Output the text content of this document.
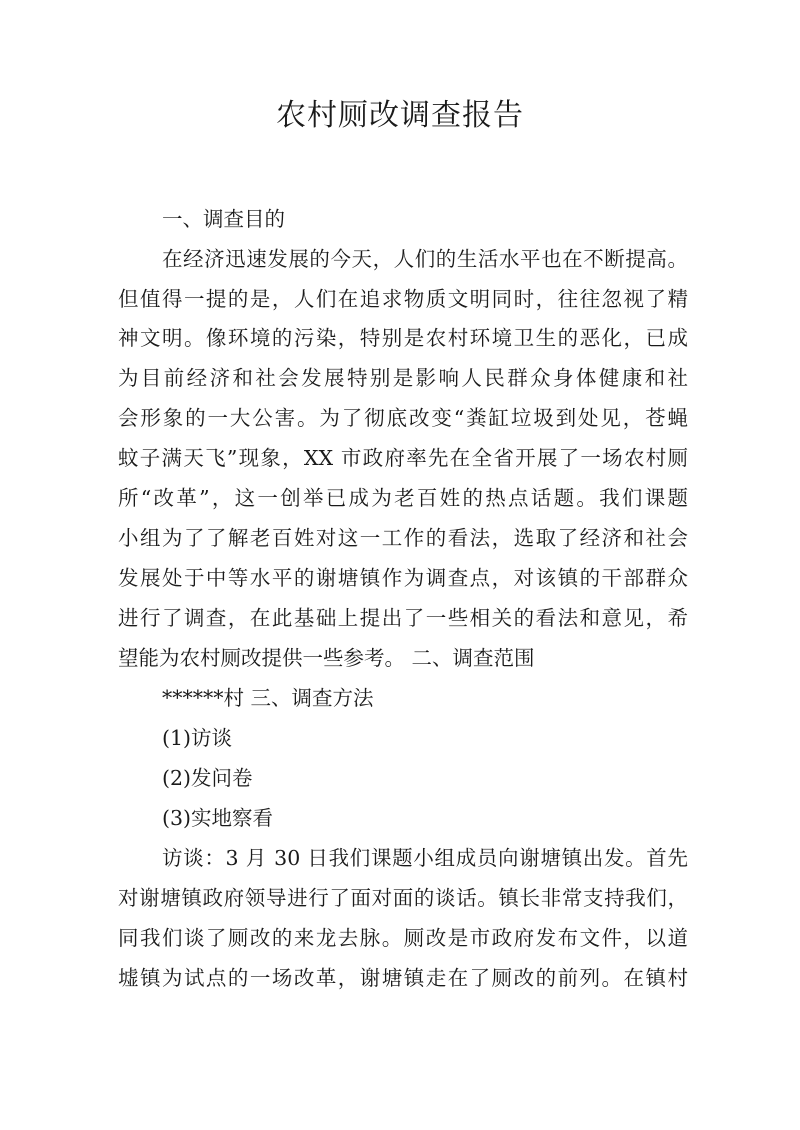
农村厕改调查报告
一、调查目的
在经济迅速发展的今天，人们的生活水平也在不断提高。
但值得一提的是，人们在追求物质文明同时，往往忽视了精
神文明。像环境的污染，特别是农村环境卫生的恶化，已成
为目前经济和社会发展特别是影响人民群众身体健康和社
会形象的一大公害。为了彻底改变“粪缸垃圾到处见，苍蝇
蚊子满天飞”现象，XX 市政府率先在全省开展了一场农村厕
所“改革”，这一创举已成为老百姓的热点话题。我们课题
小组为了了解老百姓对这一工作的看法，选取了经济和社会
发展处于中等水平的谢塘镇作为调查点，对该镇的干部群众
进行了调查，在此基础上提出了一些相关的看法和意见，希
望能为农村厕改提供一些参考。 二、调查范围
******村 三、调查方法
(1)访谈
(2)发问卷
(3)实地察看
访谈：3 月 30 日我们课题小组成员向谢塘镇出发。首先
对谢塘镇政府领导进行了面对面的谈话。镇长非常支持我们，
同我们谈了厕改的来龙去脉。厕改是市政府发布文件，以道
墟镇为试点的一场改革，谢塘镇走在了厕改的前列。在镇村
